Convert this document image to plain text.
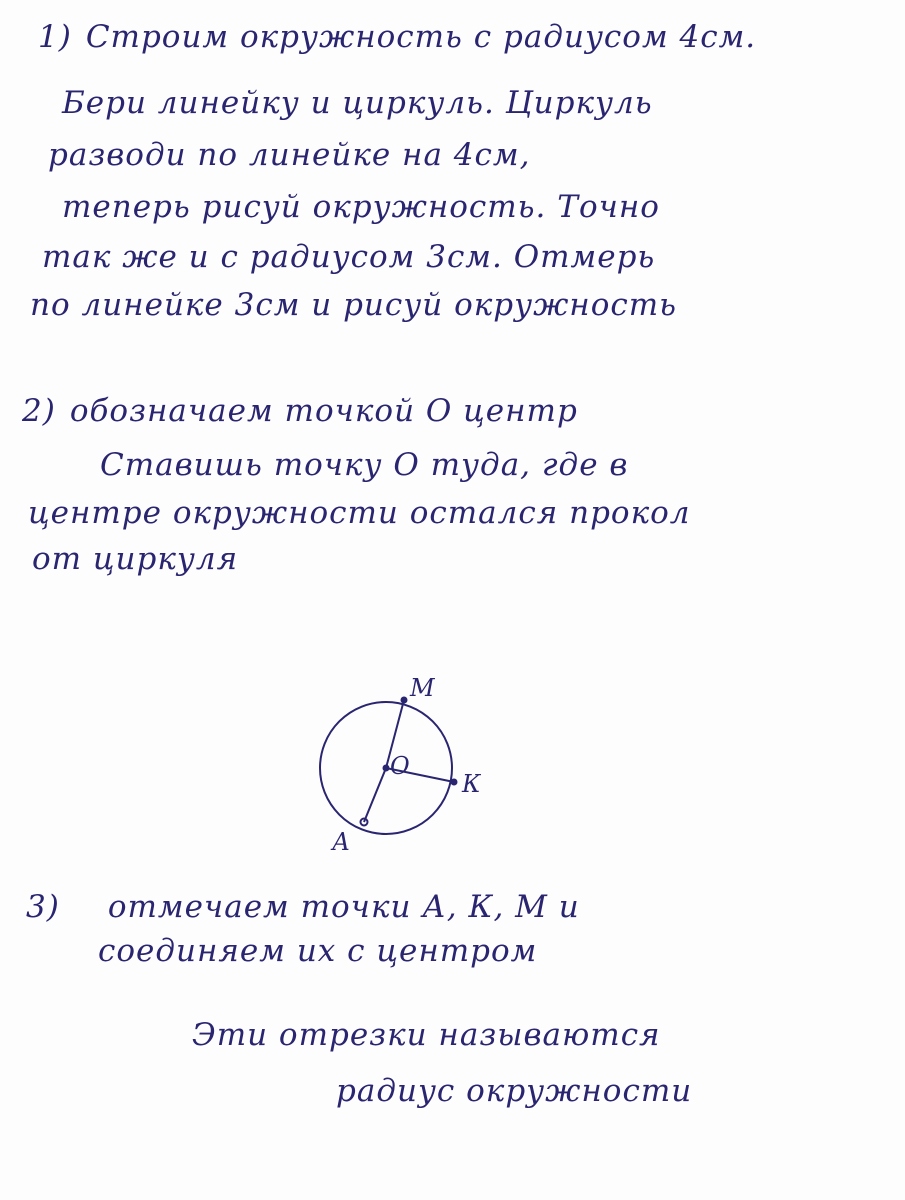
1) Строим окружность с радиусом 4см.
Бери линейку и циркуль. Циркуль
разводи по линейке на 4см,
теперь рисуй окружность. Точно
так же и с радиусом 3см. Отмерь
по линейке 3см и рисуй окружность
2) обозначаем точкой О центр
Ставишь точку О туда, где в
центре окружности остался прокол
от циркуля
О
М
К
А
3) отмечаем точки А, К, М и
соединяем их с центром
Эти отрезки называются
радиус окружности
